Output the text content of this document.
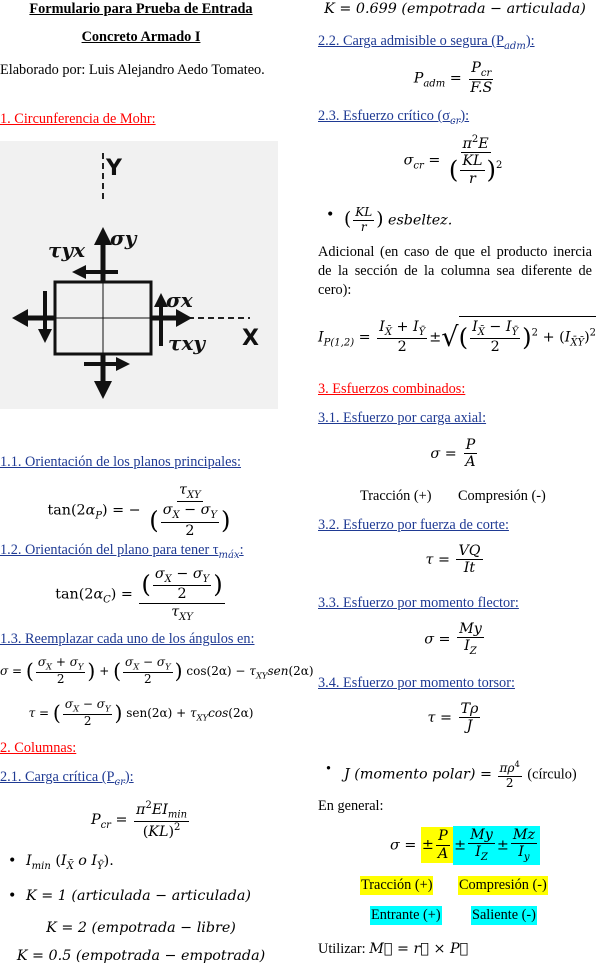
Formulario para Prueba de Entrada
Concreto Armado I
Elaborado por: Luis Alejandro Aedo Tomateo.
1. Circunferencia de Mohr:
Y
X
σy
σx
τyx
τxy
1.1. Orientación de los planos principales:
$\tan(2\alpha_P)$ = − $\frac{\tau_{XY}}{( \frac{\sigma_X - \sigma_Y}{2} )}$
1.2. Orientación del plano para tener $\tau_{máx}$:
$\tan(2\alpha_C) = \frac{( \frac{\sigma_X - \sigma_Y}{2} )}{\tau_{XY}}$
1.3. Reemplazar cada uno de los ángulos en:
σ = ( $\frac{\sigma_X + \sigma_Y}{2}$ ) + ( $\frac{\sigma_X - \sigma_Y}{2}$ ) $\cos(2\alpha) - \tau_{XY}sen(2\alpha)$
τ = ( $\frac{\sigma_X - \sigma_Y}{2}$ ) $sen(2\alpha) + \tau_{XY}\cos(2\alpha)$
2. Columnas:
2.1. Carga crítica $(P_{cr})$:
$P_{cr} = \frac{\pi^2EI_{min}}{(KL)^2}$
• $I_{min}$ ($I_{X̄}$ o $I_Ȳ$).
• K = 1 (articulada − articulada)
K = 2 (empotrada − libre)
K = 0.5 (empotrada − empotrada)
K = 0.699 (empotrada − articulada)
2.2. Carga admisible o segura $(P_{adm})$:
$P_{adm} = \frac{P_{cr}}{F.S}$
2.3. Esfuerzo crítico $(\sigma_{cr})$:
$\sigma_{cr} = \frac{\pi^2E}{( \frac{KL}{r} )^2}$
• ( $\frac{KL}{r}$ ) esbeltez.
Adicional (en caso de que el producto inercia de la sección de la columna sea diferente de cero):
$I_{P(1,2)} = \frac{I_{X̄} + I_Ȳ}{2}$ ±√( $\frac{I_{X̄} - I_Ȳ}{2} )^2 + (I_{X̄Ȳ})^2$
3. Esfuerzos combinados:
3.1. Esfuerzo por carga axial:
$\sigma = \frac{P}{A}$
Tracción (+) Compresión (-)
3.2. Esfuerzo por fuerza de corte:
$\tau = \frac{VQ}{It}$
3.3. Esfuerzo por momento flector:
$\sigma = \frac{My}{I_Z}$
3.4. Esfuerzo por momento torsor:
$\tau = \frac{T\rho}{J}$
• J (momento polar) = $\frac{\pi\rho^4}{2}$ (círculo)
En general:
σ = ± $\frac{P}{A} \pm \frac{My}{I_Z} \pm \frac{Mz}{I_y}$
Tracción (+) Compresión (-)
Entrante (+) Saliente (-)
Utilizar: M⃗ = r⃗ × P⃗
